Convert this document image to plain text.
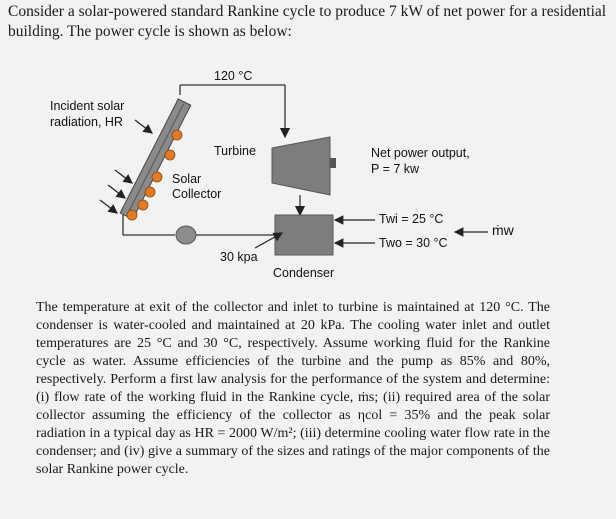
Consider a solar-powered standard Rankine cycle to produce 7 kW of net power for a residential building. The power cycle is shown as below:

120 °C
Incident solar
radiation, HR
Turbine
Solar
Collector
Net power output,
P = 7 kw
Twi = 25 °C
Two = 30 °C
ṁw
30 kpa
Condenser

The temperature at exit of the collector and inlet to turbine is maintained at 120 °C. The condenser is water-cooled and maintained at 20 kPa. The cooling water inlet and outlet temperatures are 25 °C and 30 °C, respectively. Assume working fluid for the Rankine cycle as water. Assume efficiencies of the turbine and the pump as 85% and 80%, respectively. Perform a first law analysis for the performance of the system and determine: (i) flow rate of the working fluid in the Rankine cycle, ṁs; (ii) required area of the solar collector assuming the efficiency of the collector as ηcol = 35% and the peak solar radiation in a typical day as HR = 2000 W/m²; (iii) determine cooling water flow rate in the condenser; and (iv) give a summary of the sizes and ratings of the major components of the solar Rankine power cycle.
